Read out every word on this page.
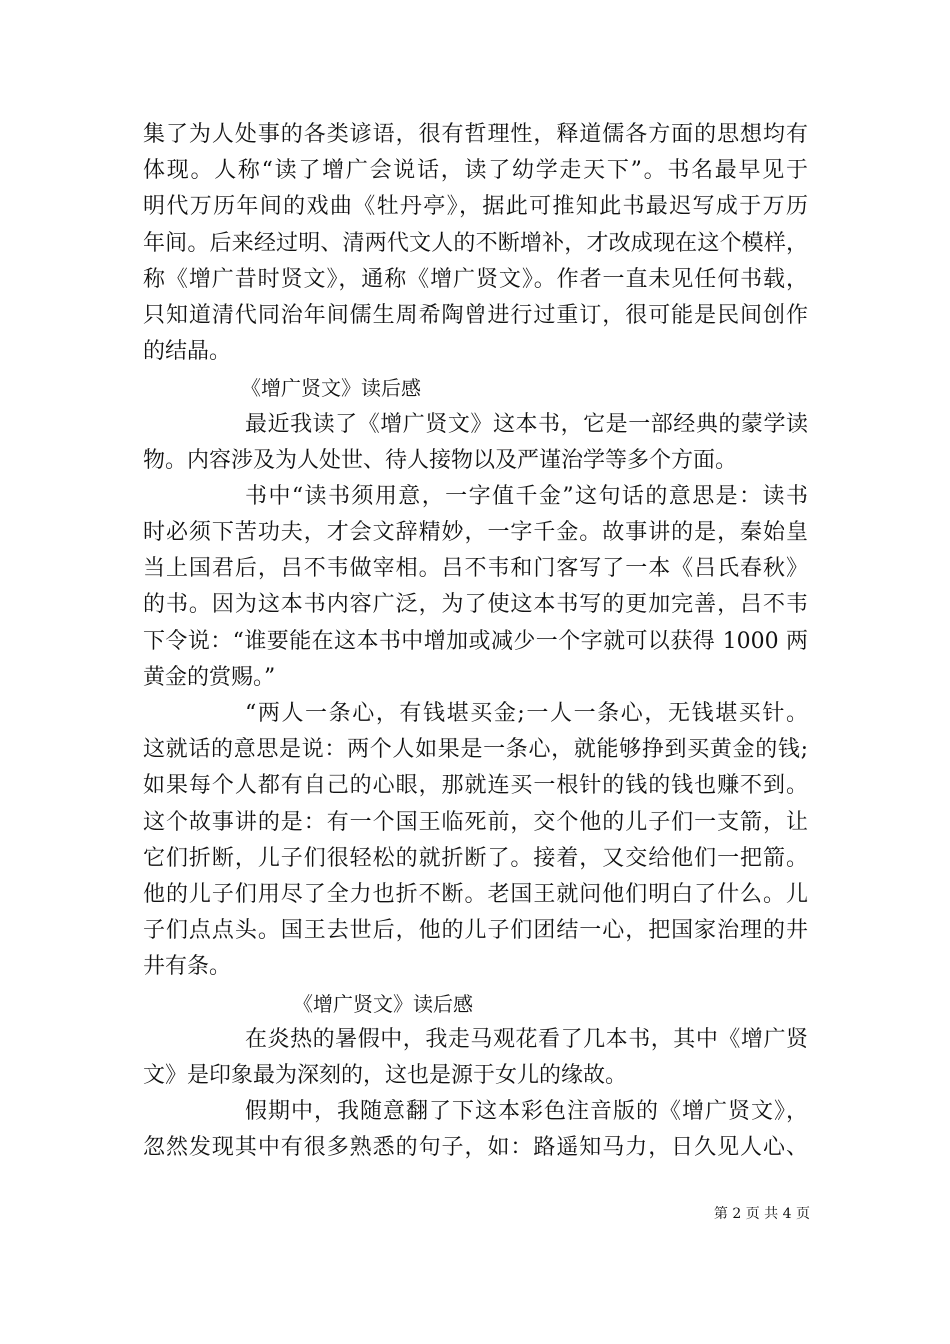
集了为人处事的各类谚语，很有哲理性，释道儒各方面的思想均有
体现。人称“读了增广会说话，读了幼学走天下”。书名最早见于
明代万历年间的戏曲《牡丹亭》，据此可推知此书最迟写成于万历
年间。后来经过明、清两代文人的不断增补，才改成现在这个模样，
称《增广昔时贤文》，通称《增广贤文》。作者一直未见任何书载，
只知道清代同治年间儒生周希陶曾进行过重订，很可能是民间创作
的结晶。
《增广贤文》读后感
最近我读了《增广贤文》这本书，它是一部经典的蒙学读
物。内容涉及为人处世、待人接物以及严谨治学等多个方面。
书中“读书须用意，一字值千金”这句话的意思是：读书
时必须下苦功夫，才会文辞精妙，一字千金。故事讲的是，秦始皇
当上国君后，吕不韦做宰相。吕不韦和门客写了一本《吕氏春秋》
的书。因为这本书内容广泛，为了使这本书写的更加完善，吕不韦
下令说：“谁要能在这本书中增加或减少一个字就可以获得 1000 两
黄金的赏赐。”
“两人一条心，有钱堪买金;一人一条心，无钱堪买针。
这就话的意思是说：两个人如果是一条心，就能够挣到买黄金的钱;
如果每个人都有自己的心眼，那就连买一根针的钱的钱也赚不到。
这个故事讲的是：有一个国王临死前，交个他的儿子们一支箭，让
它们折断，儿子们很轻松的就折断了。接着，又交给他们一把箭。
他的儿子们用尽了全力也折不断。老国王就问他们明白了什么。儿
子们点点头。国王去世后，他的儿子们团结一心，把国家治理的井
井有条。
《增广贤文》读后感
在炎热的暑假中，我走马观花看了几本书，其中《增广贤
文》是印象最为深刻的，这也是源于女儿的缘故。
假期中，我随意翻了下这本彩色注音版的《增广贤文》，
忽然发现其中有很多熟悉的句子，如：路遥知马力，日久见人心、
第 2 页 共 4 页
